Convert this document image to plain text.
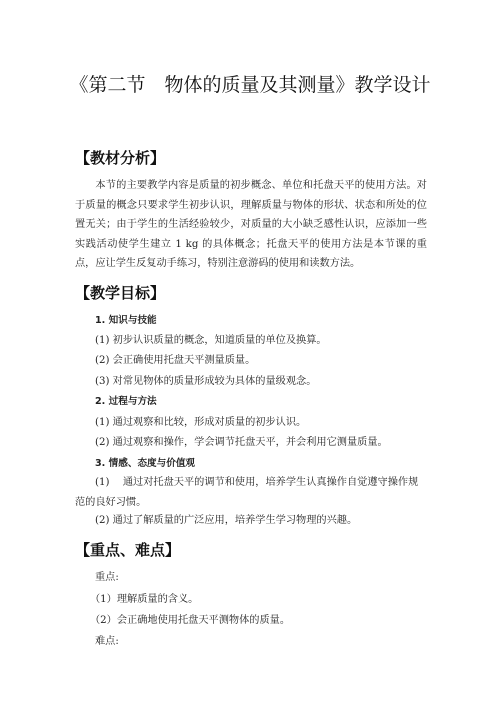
《第二节　物体的质量及其测量》教学设计
【教材分析】

本节的主要教学内容是质量的初步概念、单位和托盘天平的使用方法。对于质量的概念只要求学生初步认识，理解质量与物体的形状、状态和所处的位置无关；由于学生的生活经验较少，对质量的大小缺乏感性认识，应添加一些实践活动使学生建立 1 kg 的具体概念；托盘天平的使用方法是本节课的重点，应让学生反复动手练习，特别注意游码的使用和读数方法。

【教学目标】

1. 知识与技能

(1) 初步认识质量的概念，知道质量的单位及换算。

(2) 会正确使用托盘天平测量质量。

(3) 对常见物体的质量形成较为具体的量级观念。

2. 过程与方法

(1) 通过观察和比较，形成对质量的初步认识。

(2) 通过观察和操作，学会调节托盘天平，并会利用它测量质量。

3. 情感、态度与价值观

(1)　 通过对托盘天平的调节和使用，培养学生认真操作自觉遵守操作规范的良好习惯。

(2) 通过了解质量的广泛应用，培养学生学习物理的兴趣。

【重点、难点】

重点:

（1）理解质量的含义。

（2）会正确地使用托盘天平测物体的质量。

难点:
